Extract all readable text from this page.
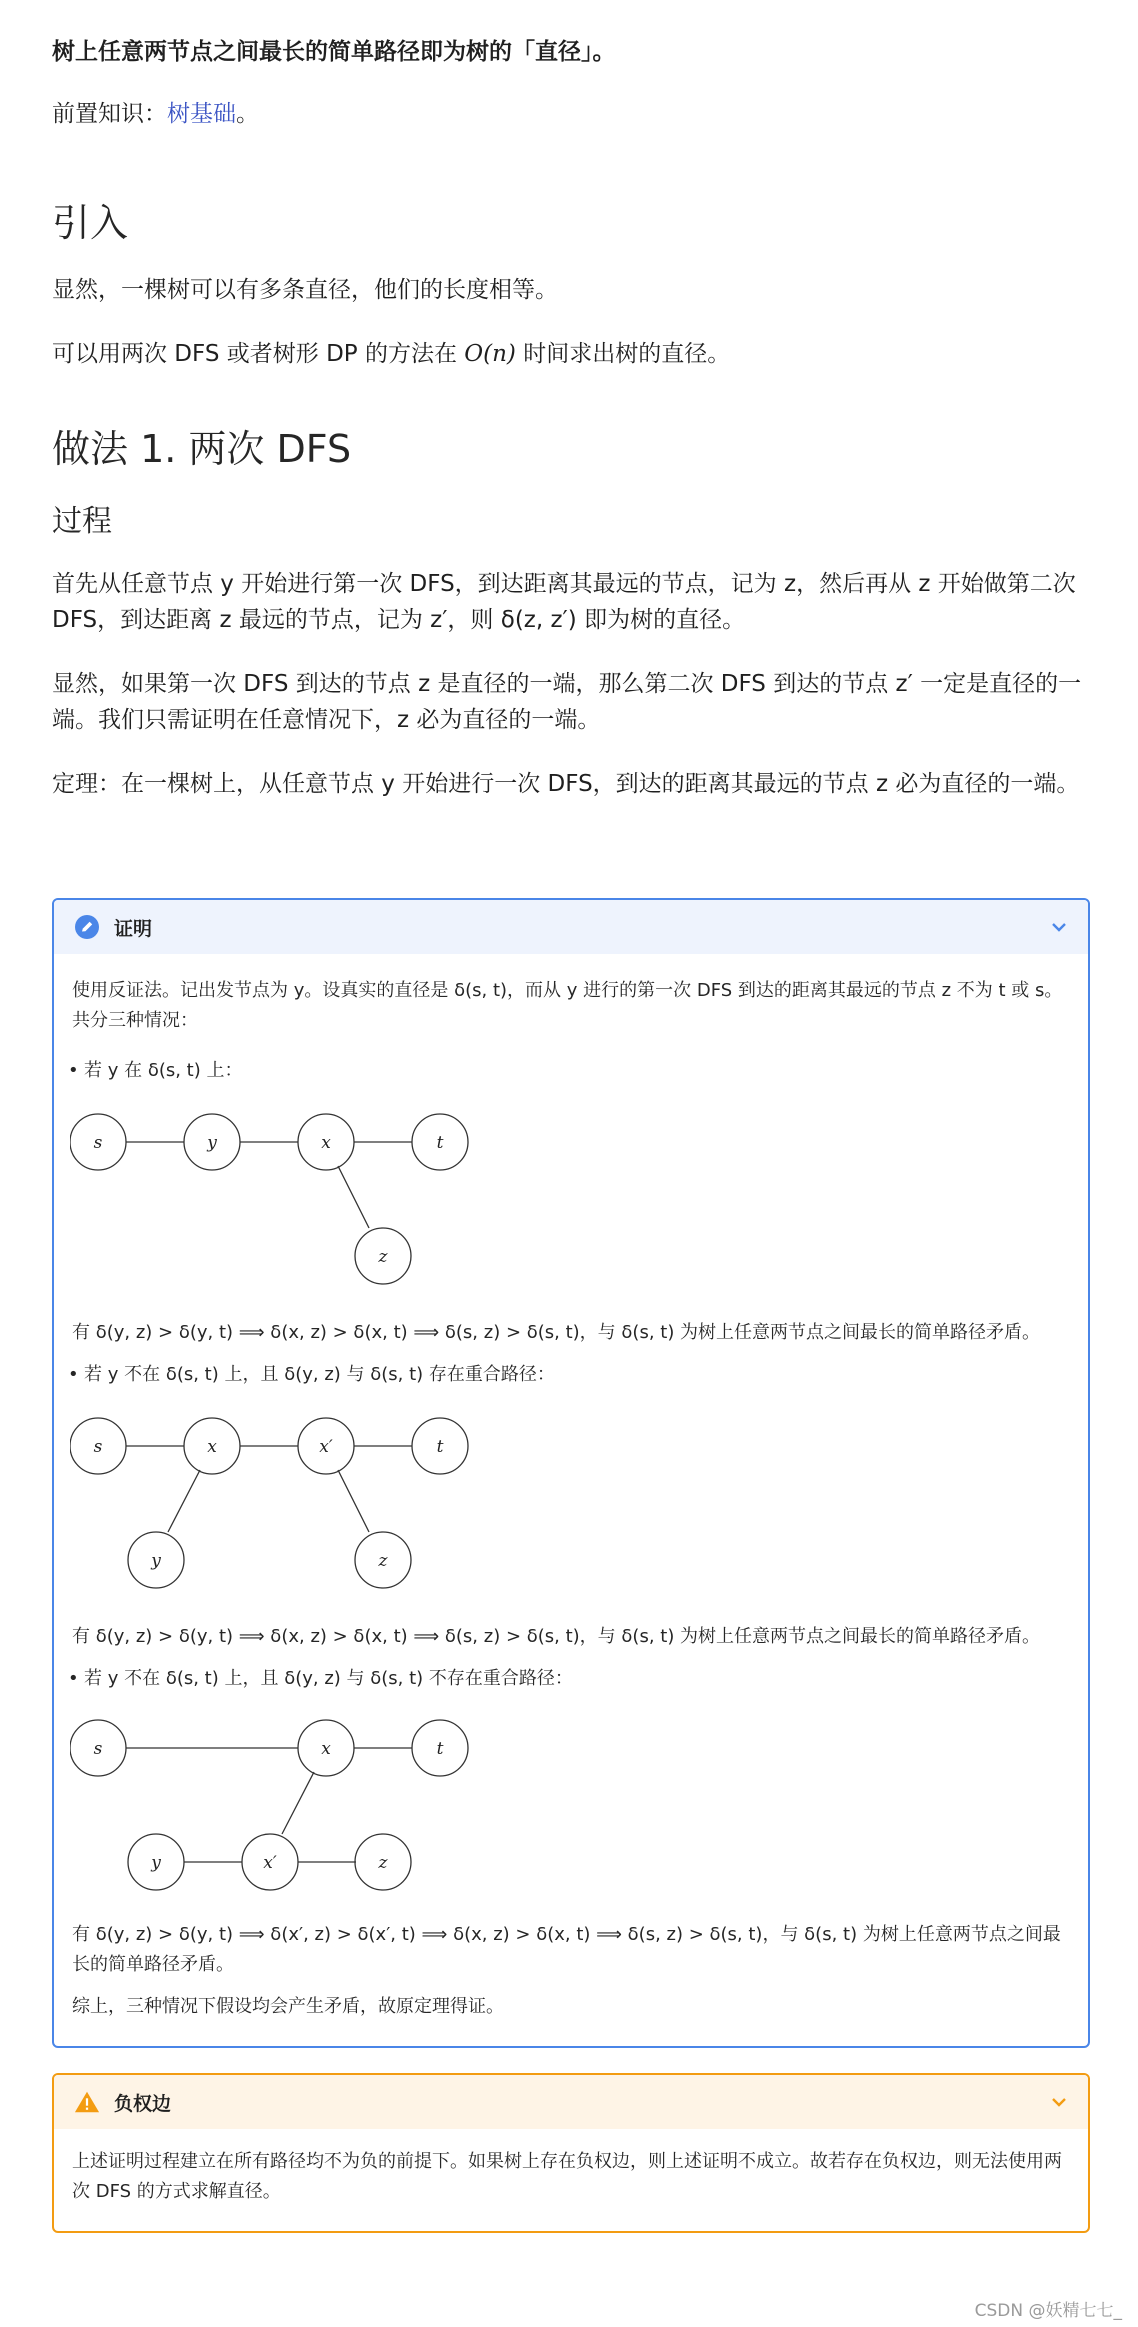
树上任意两节点之间最长的简单路径即为树的「直径」。

前置知识：树基础。

引入

显然，一棵树可以有多条直径，他们的长度相等。

可以用两次 DFS 或者树形 DP 的方法在 O(n) 时间求出树的直径。

做法 1. 两次 DFS
过程

首先从任意节点 y 开始进行第一次 DFS，到达距离其最远的节点，记为 z，然后再从 z 开始做第二次 DFS，到达距离 z 最远的节点，记为 z′，则 δ(z, z′) 即为树的直径。

显然，如果第一次 DFS 到达的节点 z 是直径的一端，那么第二次 DFS 到达的节点 z′ 一定是直径的一端。我们只需证明在任意情况下，z 必为直径的一端。

定理：在一棵树上，从任意节点 y 开始进行一次 DFS，到达的距离其最远的节点 z 必为直径的一端。

证明

使用反证法。记出发节点为 y。设真实的直径是 δ(s, t)，而从 y 进行的第一次 DFS 到达的距离其最远的节点 z 不为 t 或 s。共分三种情况：

• 若 y 在 δ(s, t) 上：
s	y	x	t
z

有 δ(y, z) > δ(y, t) ⟹ δ(x, z) > δ(x, t) ⟹ δ(s, z) > δ(s, t)，与 δ(s, t) 为树上任意两节点之间最长的简单路径矛盾。

• 若 y 不在 δ(s, t) 上，且 δ(y, z) 与 δ(s, t) 存在重合路径：
s	x	x′	t
y	z

有 δ(y, z) > δ(y, t) ⟹ δ(x, z) > δ(x, t) ⟹ δ(s, z) > δ(s, t)，与 δ(s, t) 为树上任意两节点之间最长的简单路径矛盾。

• 若 y 不在 δ(s, t) 上，且 δ(y, z) 与 δ(s, t) 不存在重合路径：
s	x	t
y	x′	z

有 δ(y, z) > δ(y, t) ⟹ δ(x′, z) > δ(x′, t) ⟹ δ(x, z) > δ(x, t) ⟹ δ(s, z) > δ(s, t)，与 δ(s, t) 为树上任意两节点之间最长的简单路径矛盾。

综上，三种情况下假设均会产生矛盾，故原定理得证。

负权边

上述证明过程建立在所有路径均不为负的前提下。如果树上存在负权边，则上述证明不成立。故若存在负权边，则无法使用两次 DFS 的方式求解直径。

CSDN @妖精七七_
